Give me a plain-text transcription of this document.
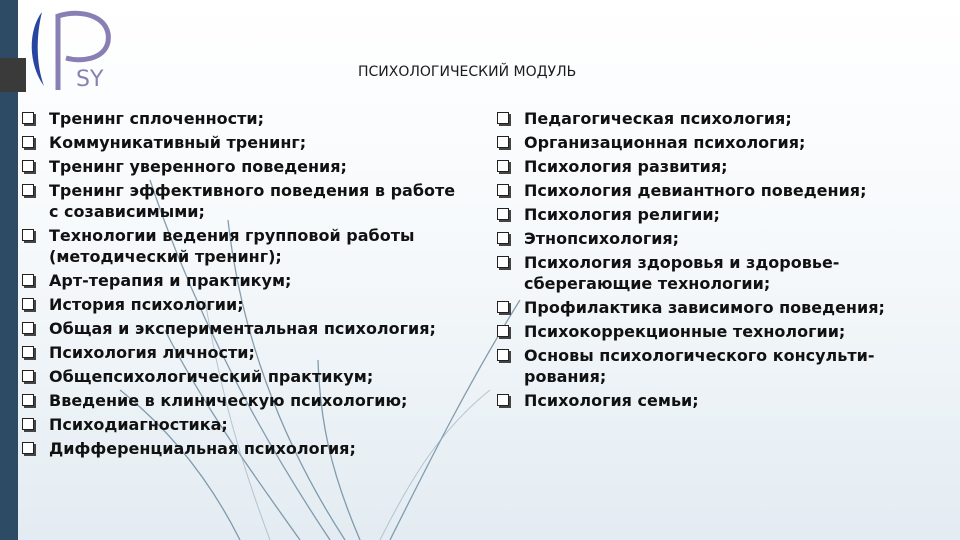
SY	ПСИХОЛОГИЧЕСКИЙ МОДУЛЬ
Тренинг сплоченности;
Коммуникативный тренинг;
Тренинг уверенного поведения;
Тренинг эффективного поведения в работе с созависимыми;
Технологии ведения групповой работы (методический тренинг);
Арт-терапия и практикум;
История психологии;
Общая и экспериментальная психология;
Психология личности;
Общепсихологический практикум;
Введение в клиническую психологию;
Психодиагностика;
Дифференциальная психология;
Педагогическая психология;
Организационная психология;
Психология развития;
Психология девиантного поведения;
Психология религии;
Этнопсихология;
Психология здоровья и здоровье-сберегающие технологии;
Профилактика зависимого поведения;
Психокоррекционные технологии;
Основы психологического консульти-рования;
Психология семьи;
